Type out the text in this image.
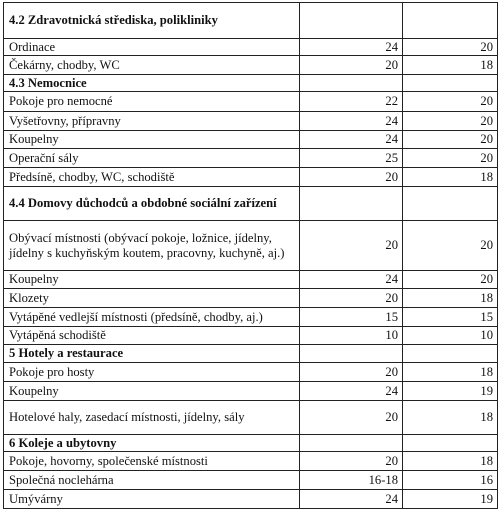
4.2 Zdravotnická střediska, polikliniky		
Ordinace	24	20
Čekárny, chodby, WC	20	18
4.3 Nemocnice		
Pokoje pro nemocné	22	20
Vyšetřovny, přípravny	24	20
Koupelny	24	20
Operační sály	25	20
Předsíně, chodby, WC, schodiště	20	18
4.4 Domovy důchodců a obdobné sociální zařízení		
Obývací místnosti (obývací pokoje, ložnice, jídelny, jídelny s kuchyňským koutem, pracovny, kuchyně, aj.)	20	20
Koupelny	24	20
Klozety	20	18
Vytápěné vedlejší místnosti (předsíně, chodby, aj.)	15	15
Vytápěná schodiště	10	10
5 Hotely a restaurace		
Pokoje pro hosty	20	18
Koupelny	24	19
Hotelové haly, zasedací místnosti, jídelny, sály	20	18
6 Koleje a ubytovny		
Pokoje, hovorny, společenské místnosti	20	18
Společná noclehárna	16-18	16
Umývárny	24	19
